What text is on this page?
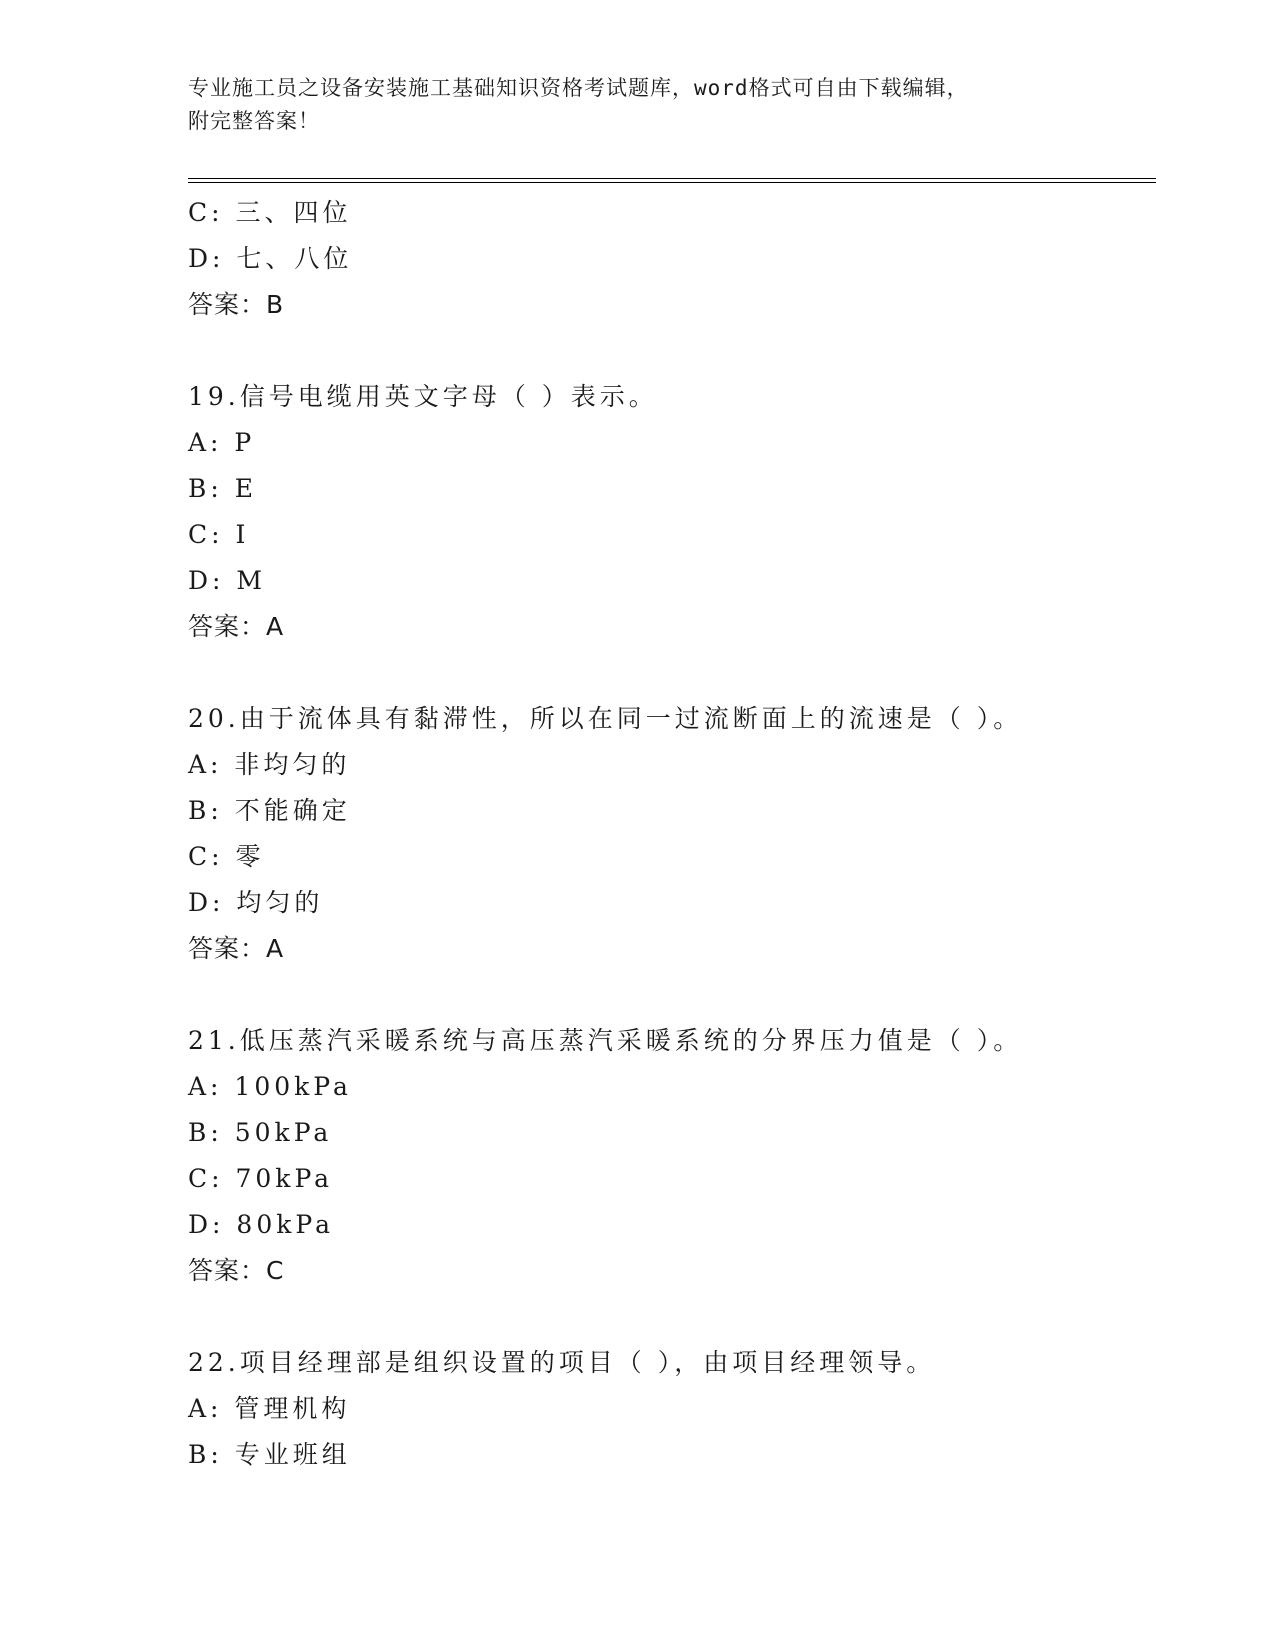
专业施工员之设备安装施工基础知识资格考试题库，word格式可自由下载编辑，
附完整答案！
C: 三、四位
D: 七、八位
答案：B
19.信号电缆用英文字母（ ）表示。
A: P
B: E
C: I
D: M
答案：A
20.由于流体具有黏滞性，所以在同一过流断面上的流速是（ ）。
A: 非均匀的
B: 不能确定
C: 零
D: 均匀的
答案：A
21.低压蒸汽采暖系统与高压蒸汽采暖系统的分界压力值是（ ）。
A: 100kPa
B: 50kPa
C: 70kPa
D: 80kPa
答案：C
22.项目经理部是组织设置的项目（ ），由项目经理领导。
A: 管理机构
B: 专业班组
